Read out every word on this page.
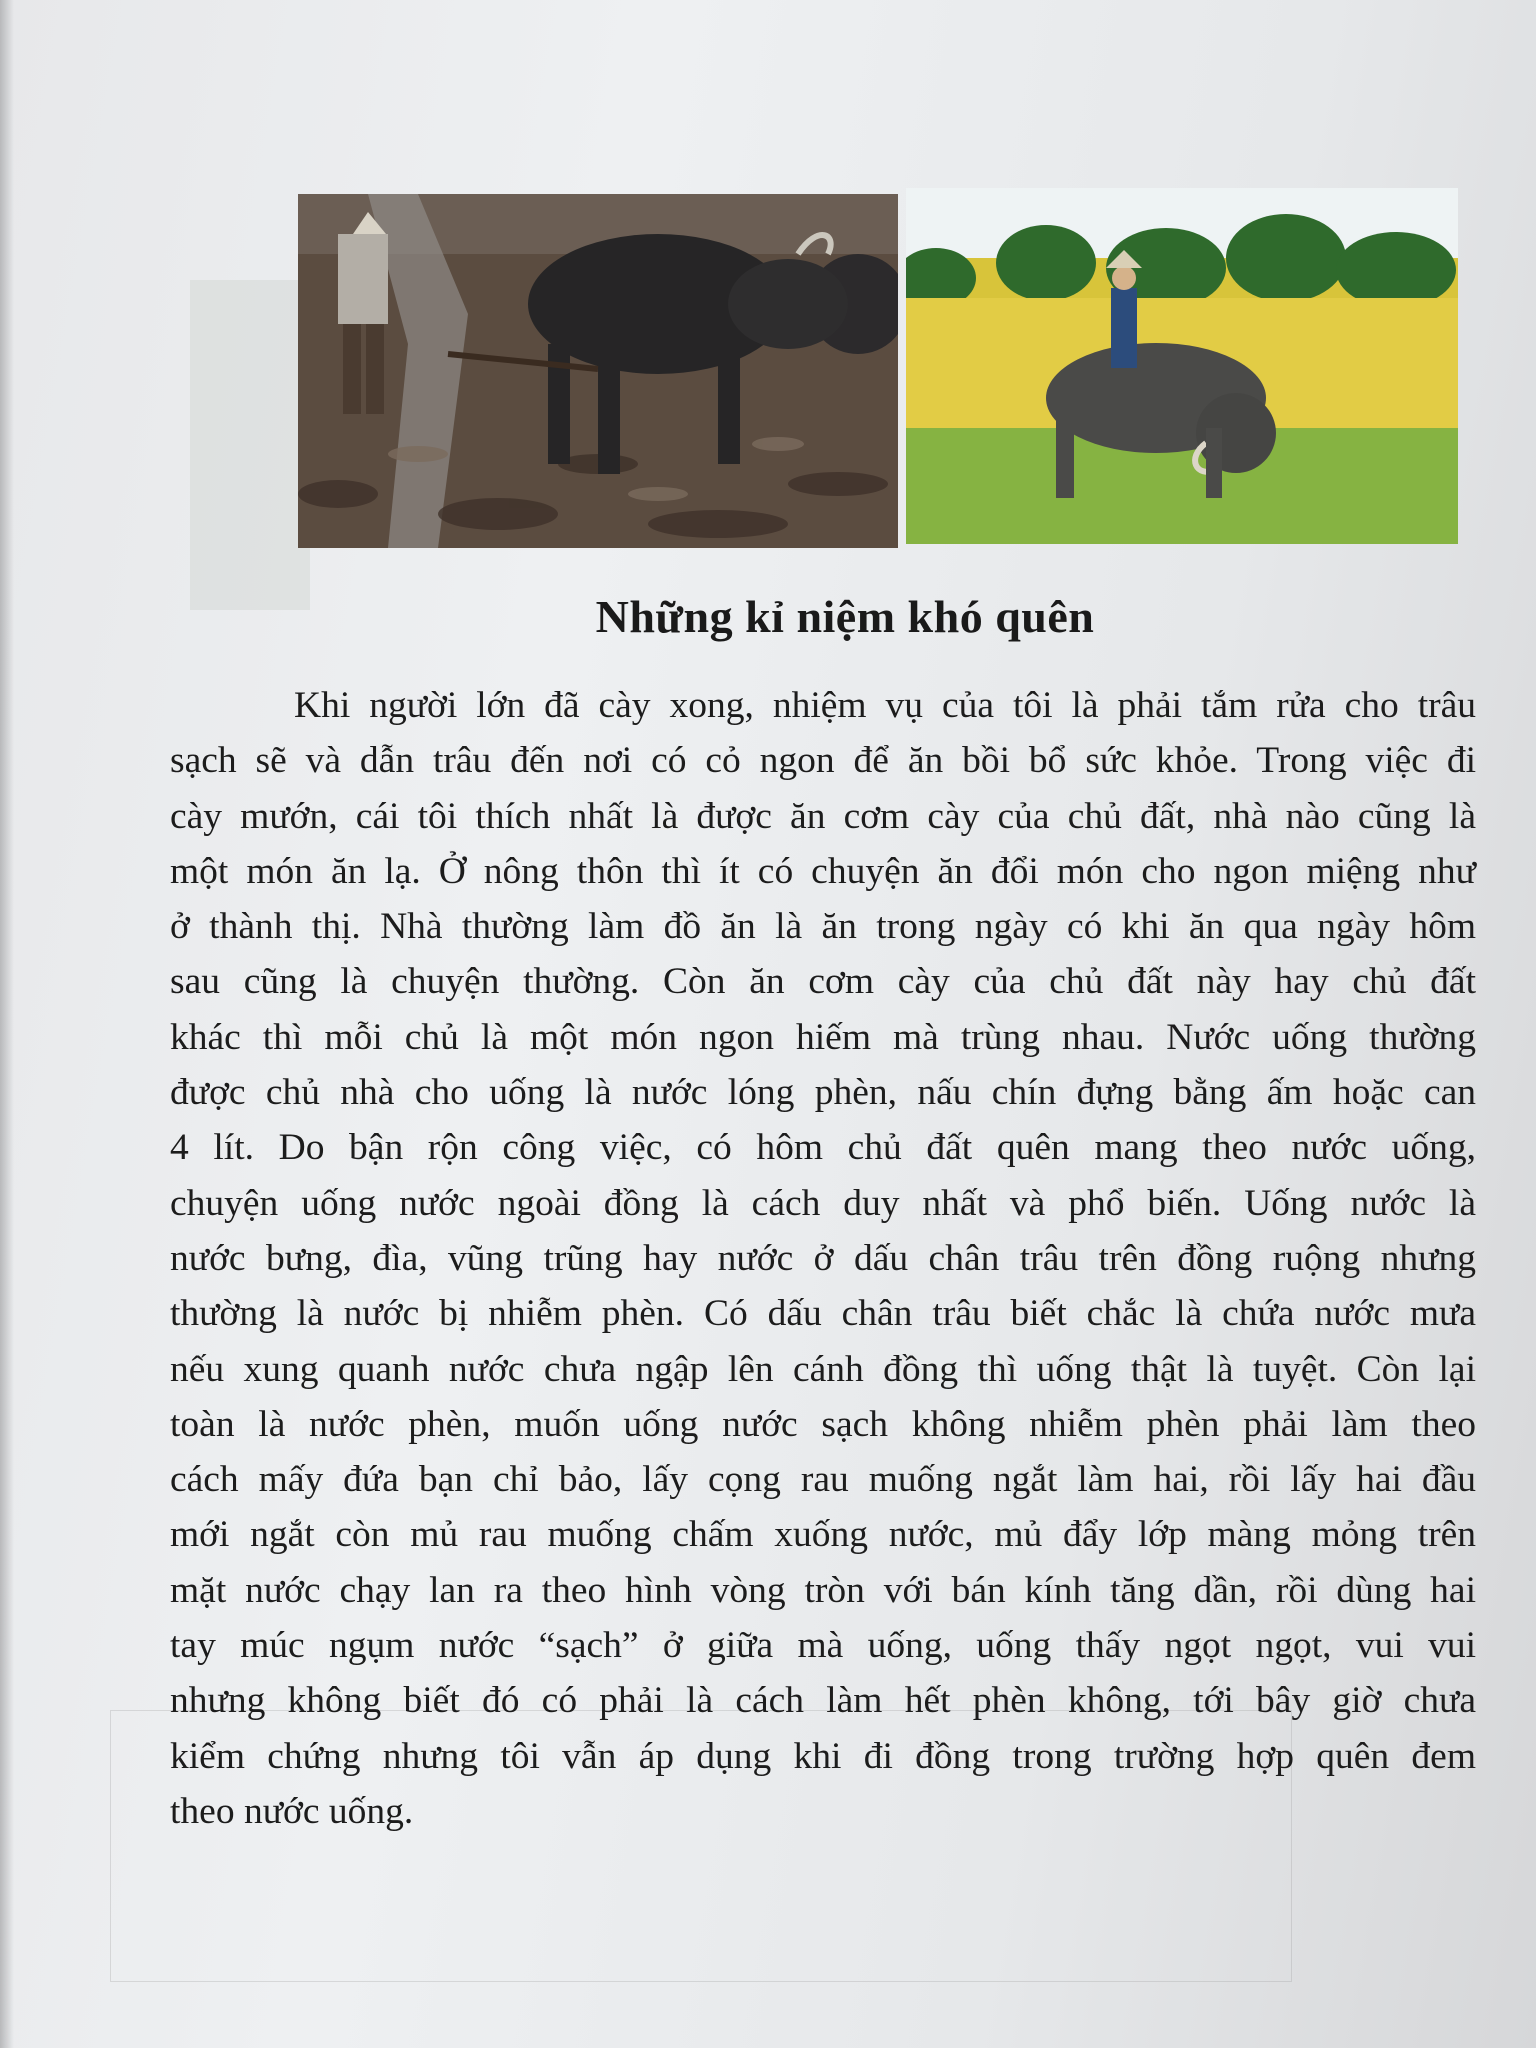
Những kỉ niệm khó quên
Khi người lớn đã cày xong, nhiệm vụ của tôi là phải tắm rửa cho trâu
sạch sẽ và dẫn trâu đến nơi có cỏ ngon để ăn bồi bổ sức khỏe. Trong việc đi
cày mướn, cái tôi thích nhất là được ăn cơm cày của chủ đất, nhà nào cũng là
một món ăn lạ. Ở nông thôn thì ít có chuyện ăn đổi món cho ngon miệng như
ở thành thị. Nhà thường làm đồ ăn là ăn trong ngày có khi ăn qua ngày hôm
sau cũng là chuyện thường. Còn ăn cơm cày của chủ đất này hay chủ đất
khác thì mỗi chủ là một món ngon hiếm mà trùng nhau. Nước uống thường
được chủ nhà cho uống là nước lóng phèn, nấu chín đựng bằng ấm hoặc can
4 lít. Do bận rộn công việc, có hôm chủ đất quên mang theo nước uống,
chuyện uống nước ngoài đồng là cách duy nhất và phổ biến. Uống nước là
nước bưng, đìa, vũng trũng hay nước ở dấu chân trâu trên đồng ruộng nhưng
thường là nước bị nhiễm phèn. Có dấu chân trâu biết chắc là chứa nước mưa
nếu xung quanh nước chưa ngập lên cánh đồng thì uống thật là tuyệt. Còn lại
toàn là nước phèn, muốn uống nước sạch không nhiễm phèn phải làm theo
cách mấy đứa bạn chỉ bảo, lấy cọng rau muống ngắt làm hai, rồi lấy hai đầu
mới ngắt còn mủ rau muống chấm xuống nước, mủ đẩy lớp màng mỏng trên
mặt nước chạy lan ra theo hình vòng tròn với bán kính tăng dần, rồi dùng hai
tay múc ngụm nước “sạch” ở giữa mà uống, uống thấy ngọt ngọt, vui vui
nhưng không biết đó có phải là cách làm hết phèn không, tới bây giờ chưa
kiểm chứng nhưng tôi vẫn áp dụng khi đi đồng trong trường hợp quên đem
theo nước uống.
